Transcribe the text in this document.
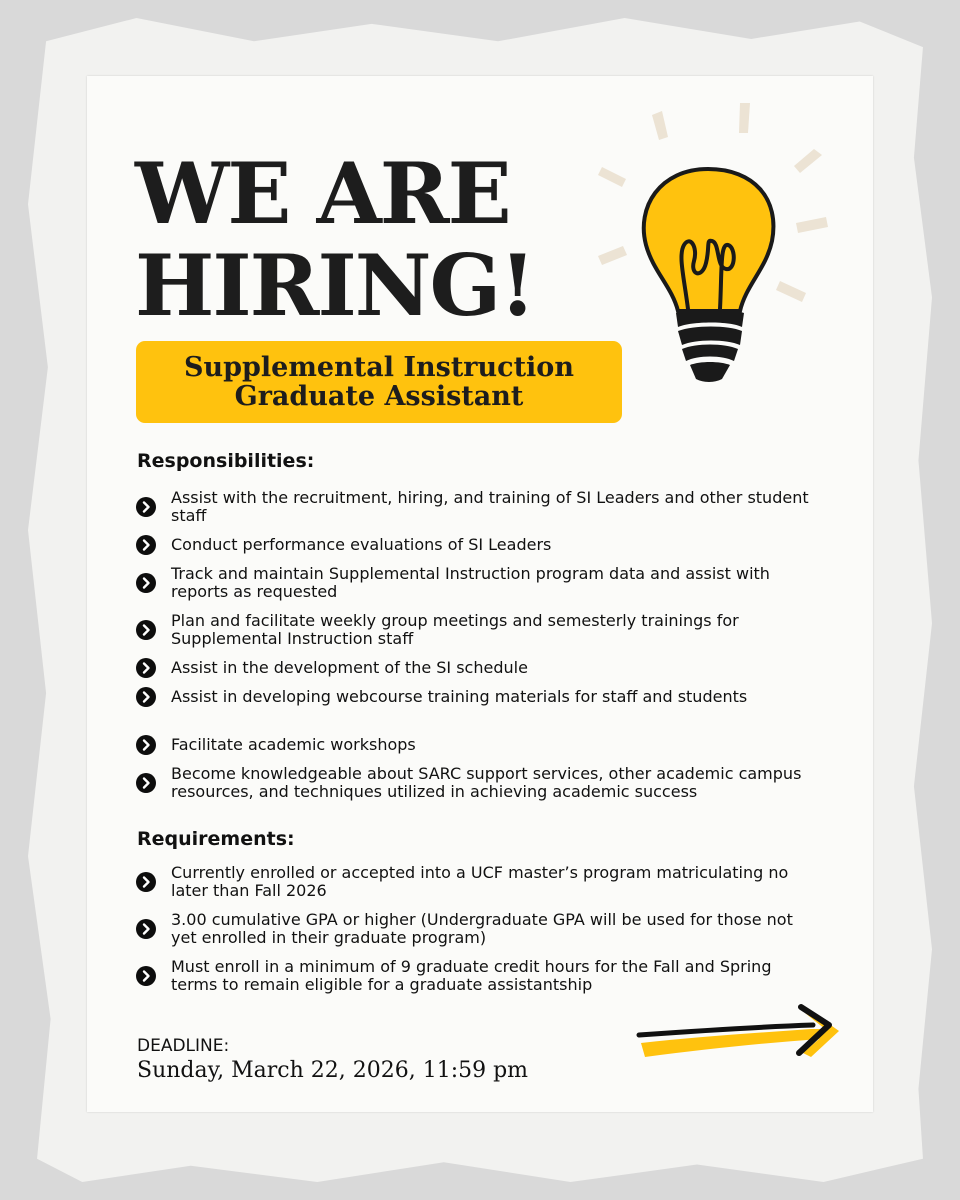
WE ARE
HIRING!
Supplemental Instruction
Graduate Assistant
Responsibilities:
Assist with the recruitment, hiring, and training of SI Leaders and other student staff
Conduct performance evaluations of SI Leaders
Track and maintain Supplemental Instruction program data and assist with reports as requested
Plan and facilitate weekly group meetings and semesterly trainings for Supplemental Instruction staff
Assist in the development of the SI schedule
Assist in developing webcourse training materials for staff and students
Facilitate academic workshops
Become knowledgeable about SARC support services, other academic campus resources, and techniques utilized in achieving academic success
Requirements:
Currently enrolled or accepted into a UCF master’s program matriculating no later than Fall 2026
3.00 cumulative GPA or higher (Undergraduate GPA will be used for those not yet enrolled in their graduate program)
Must enroll in a minimum of 9 graduate credit hours for the Fall and Spring terms to remain eligible for a graduate assistantship
DEADLINE:
Sunday, March 22, 2026, 11:59 pm
